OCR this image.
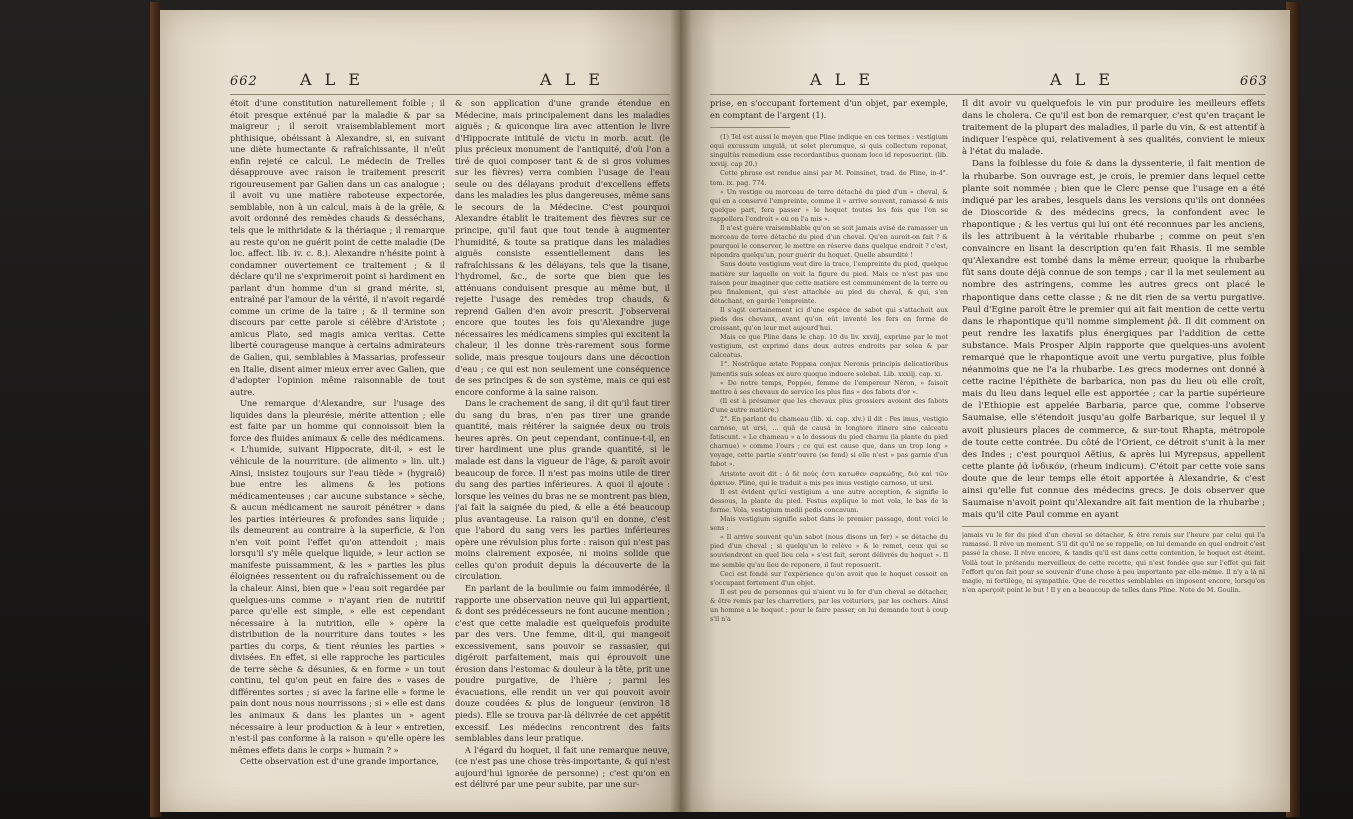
662	A L E	A L E

étoit d'une constitution naturellement foible ; il étoit presque exténué par la maladie & par sa maigreur ; il seroit vraisemblablement mort phthisique, obéissant à Alexandre, si, en suivant une diète humectante & rafraîchissante, il n'eût enfin rejeté ce calcul. Le médecin de Trelles désapprouve avec raison le traitement prescrit rigoureusement par Galien dans un cas analogue ; il avoit vu une matière raboteuse expectorée, semblable, non à un calcul, mais à de la grêle, & avoit ordonné des remèdes chauds & desséchans, tels que le mithridate & la thériaque ; il remarque au reste qu'on ne guérit point de cette maladie (De loc. affect. lib. iv. c. 8.). Alexandre n'hésite point à condamner ouvertement ce traitement ; & il déclare qu'il ne s'exprimeroit point si hardiment en parlant d'un homme d'un si grand mérite, si, entraîné par l'amour de la vérité, il n'avoit regardé comme un crime de la taire ; & il termine son discours par cette parole si célèbre d'Aristote ; amicus Plato, sed magis amica veritas. Cette liberté courageuse manque à certains admirateurs de Galien, qui, semblables à Massarias, professeur en Italie, disent aimer mieux errer avec Galien, que d'adopter l'opinion même raisonnable de tout autre.

Une remarque d'Alexandre, sur l'usage des liquides dans la pleurésie, mérite attention ; elle est faite par un homme qui connoissoit bien la force des fluides animaux & celle des médicamens. « L'humide, suivant Hippocrate, dit-il, » est le véhicule de la nourriture. (de alimento » lin. ult.) Ainsi, insistez toujours sur l'eau tiède » (hygraiô) bue entre les alimens & les potions médicamenteuses ; car aucune substance » sèche, & aucun médicament ne sauroit pénétrer » dans les parties intérieures & profondes sans liquide ; ils demeurent au contraire à la superficie, & l'on n'en voit point l'effet qu'on attendoit ; mais lorsqu'il s'y mêle quelque liquide, » leur action se manifeste puissamment, & les » parties les plus éloignées ressentent ou du rafraîchissement ou de la chaleur. Ainsi, bien que » l'eau soit regardée par quelques-uns comme » n'ayant rien de nutritif parce qu'elle est simple, » elle est cependant nécessaire à la nutrition, elle » opère la distribution de la nourriture dans toutes » les parties du corps, & tient réunies les parties » divisées. En effet, si elle rapproche les particules de terre sèche & désunies, & en forme » un tout continu, tel qu'on peut en faire des » vases de différentes sortes ; si avec la farine elle » forme le pain dont nous nous nourrissons ; si » elle est dans les animaux & dans les plantes un » agent nécessaire à leur production & à leur » entretien, n'est-il pas conforme à la raison » qu'elle opère les mêmes effets dans le corps » humain ? »

Cette observation est d'une grande importance,

& son application d'une grande étendue en Médecine, mais principalement dans les maladies aiguës ; & quiconque lira avec attention le livre d'Hippocrate intitulé de victu in morb. acut. (le plus précieux monument de l'antiquité, d'où l'on a tiré de quoi composer tant & de si gros volumes sur les fièvres) verra combien l'usage de l'eau seule ou des délayans produit d'excellens effets dans les maladies les plus dangereuses, même sans le secours de la Médecine. C'est pourquoi Alexandre établit le traitement des fièvres sur ce principe, qu'il faut que tout tende à augmenter l'humidité, & toute sa pratique dans les maladies aiguës consiste essentiellement dans les rafraîchissans & les délayans, tels que la tisane, l'hydromel, &c., de sorte que bien que les atténuans conduisent presque au même but, il rejette l'usage des remèdes trop chauds, & reprend Galien d'en avoir prescrit. J'observerai encore que toutes les fois qu'Alexandre juge nécessaires les médicamens simples qui excitent la chaleur, il les donne très-rarement sous forme solide, mais presque toujours dans une décoction d'eau ; ce qui est non seulement une conséquence de ses principes & de son système, mais ce qui est encore conforme à la saine raison.

Dans le crachement de sang, il dit qu'il faut tirer du sang du bras, n'en pas tirer une grande quantité, mais réitérer la saignée deux ou trois heures après. On peut cependant, continue-t-il, en tirer hardiment une plus grande quantité, si le malade est dans la vigueur de l'âge, & paroît avoir beaucoup de force. Il n'est pas moins utile de tirer du sang des parties inférieures. A quoi il ajoute : lorsque les veines du bras ne se montrent pas bien, j'ai fait la saignée du pied, & elle a été beaucoup plus avantageuse. La raison qu'il en donne, c'est que l'abord du sang vers les parties inférieures opère une révulsion plus forte : raison qui n'est pas moins clairement exposée, ni moins solide que celles qu'on produit depuis la découverte de la circulation.

En parlant de la boulimie ou faim immodérée, il rapporte une observation neuve qui lui appartient, & dont ses prédécesseurs ne font aucune mention ; c'est que cette maladie est quelquefois produite par des vers. Une femme, dit-il, qui mangeoit excessivement, sans pouvoir se rassasier, qui digéroit parfaitement, mais qui éprouvoit une érosion dans l'estomac & douleur à la tête, prit une poudre purgative, de l'hière ; parmi les évacuations, elle rendit un ver qui pouvoit avoir douze coudées & plus de longueur (environ 18 pieds). Elle se trouva par-là délivrée de cet appétit excessif. Les médecins rencontrent des faits semblables dans leur pratique.

A l'égard du hoquet, il fait une remarque neuve, (ce n'est pas une chose très-importante, & qui n'est aujourd'hui ignorée de personne) ; c'est qu'on en est délivré par une peur subite, par une sur-

A L E	A L E	663

prise, en s'occupant fortement d'un objet, par exemple, en comptant de l'argent (1).

(1) Tel est aussi le moyen que Pline indique en ces termes : vestigium equi excussum ungulâ, ut solet plerumque, si quis collectum reponat, singultûs remedium esse recordantibus quonam loco id reposuerint. (lib. xxviij. cap 20.)

Cette phrase est rendue ainsi par M. Poinsinet, trad. de Pline, in-4°. tom. ix. pag. 774.

« Un vestige ou morceau de terre détaché du pied d'un » cheval, & qui en a conservé l'empreinte, comme il » arrive souvent, ramassé & mis quelque part, fera passer » le hoquet toutes les fois que l'on se rappellera l'endroit » où on l'a mis ».

Il n'est guère vraisemblable qu'on se soit jamais avisé de ramasser un morceau de terre détaché du pied d'un cheval. Qu'en auroit-on fait ? & pourquoi le conserver, le mettre en réserve dans quelque endroit ? c'est, répondra quelqu'un, pour guérir du hoquet. Quelle absurdité !

Sans doute vestigium veut dire la trace, l'empreinte du pied, quelque matière sur laquelle on voit la figure du pied. Mais ce n'est pas une raison pour imaginer que cette matière est communément de la terre ou peu finalement, qui s'est attachée au pied du cheval, & qui, s'en détachant, en garde l'empreinte.

Il s'agit certainement ici d'une espèce de sabot qui s'attachoit aux pieds des chevaux, avant qu'on eût inventé les fers en forme de croissant, qu'on leur met aujourd'hui.

Mais ce que Pline dans le chap. 10 du liv. xxviij, exprime par le mot vestigium, est exprimé dans deux autres endroits par solea & par calceatus.

1°. Nostrâque ætate Poppæa conjux Neronis principis delicatioribus jumentis suis soleas ex auro quoque induere solebat. Lib. xxxiij. cap. xi.

« De notre temps, Poppée, femme de l'empereur Néron, » faisoit mettre à ses chevaux de service les plus fins » des fabots d'or ».

(Il est à présumer que les chevaux plus grossiers avoient des fabots d'une autre matière.)

2°. En parlant du chameau (lib. xi. cap. xlv.) il dit : Pes imus, vestigio carnoso, ut ursi, … quâ de causâ in longiore itinere sine calceatu fatiscunt. « Le chameau » a le dessous du pied charnu (la plante du pied charnue) » comme l'ours ; ce qui est cause que, dans un trop long » voyage, cette partie s'entr'ouvre (se fend) si elle n'est » pas garnie d'un fabot ».

Aristote avoit dit : ὁ δὲ πούς ἐστι κατωθεν σαρκώδης, διὸ καὶ τῶν ἀρκτων. Pline, qui le traduit a mis pes imus vestigio carnoso, ut ursi.

Il est évident qu'ici vestigium a une autre acception, & signifie le dessous, la plante du pied. Festus explique le mot vola, le bas de la forme. Vola, vestigium medii pedis concavum.

Mais vestigium signifie sabot dans le premier passage, dont voici le sens :

« Il arrive souvent qu'un sabot (nous disons un fer) » se détache du pied d'un cheval ; si quelqu'un le relève » & le remet, ceux qui se souviendront en quel lieu cela » s'est fait, seront délivrés du hoquet ». Il me semble qu'au lieu de reponere, il faut reposuerit.

Ceci est fondé sur l'expérience qu'on avoit que le hoquet cessoit en s'occupant fortement d'un objet.

Il est peu de personnes qui n'aient vu le fer d'un cheval se détacher, & être remis par les charretiers, par les voituriers, par les cochers. Ainsi un homme a le hoquet ; pour le faire passer, on lui demande tout à coup s'il n'a

Il dit avoir vu quelquefois le vin pur produire les meilleurs effets dans le cholera. Ce qu'il est bon de remarquer, c'est qu'en traçant le traitement de la plupart des maladies, il parle du vin, & est attentif à indiquer l'espèce qui, relativement à ses qualités, convient le mieux à l'état du malade.

Dans la foiblesse du foie & dans la dyssenterie, il fait mention de la rhubarbe. Son ouvrage est, je crois, le premier dans lequel cette plante soit nommée ; bien que le Clerc pense que l'usage en a été indiqué par les arabes, lesquels dans les versions qu'ils ont données de Dioscoride & des médecins grecs, la confondent avec le rhapontique ; & les vertus qui lui ont été reconnues par les anciens, ils les attribuent à la véritable rhubarbe ; comme on peut s'en convaincre en lisant la description qu'en fait Rhasis. Il me semble qu'Alexandre est tombé dans la même erreur, quoique la rhubarbe fût sans doute déjà connue de son temps ; car il la met seulement au nombre des astringens, comme les autres grecs ont placé le rhapontique dans cette classe ; & ne dit rien de sa vertu purgative. Paul d'Egine paroît être le premier qui ait fait mention de cette vertu dans le rhapontique qu'il nomme simplement ῥᾶ. Il dit comment on peut rendre les laxatifs plus énergiques par l'addition de cette substance. Mais Prosper Alpin rapporte que quelques-uns avoient remarqué que le rhapontique avoit une vertu purgative, plus foible néanmoins que ne l'a la rhubarbe. Les grecs modernes ont donné à cette racine l'épithète de barbarica, non pas du lieu où elle croît, mais du lieu dans lequel elle est apportée ; car la partie supérieure de l'Ethiopie est appelée Barbaria, parce que, comme l'observe Saumaise, elle s'étendoit jusqu'au golfe Barbarique, sur lequel il y avoit plusieurs places de commerce, & sur-tout Rhapta, métropole de toute cette contrée. Du côté de l'Orient, ce détroit s'unit à la mer des Indes ; c'est pourquoi Aëtius, & après lui Myrepsus, appellent cette plante ῥᾶ ἰνδικόν, (rheum indicum). C'étoit par cette voie sans doute que de leur temps elle étoit apportée à Alexandrie, & c'est ainsi qu'elle fut connue des médecins grecs. Je dois observer que Saumaise n'avoit point qu'Alexandre ait fait mention de la rhubarbe ; mais qu'il cite Paul comme en ayant

jamais vu le fer du pied d'un cheval se détacher, & être remis sur l'heure par celui qui l'a ramassé. Il rêve un moment. S'il dit qu'il ne se rappelle, on lui demande en quel endroit c'est passé la chose. Il rêve encore, & tandis qu'il est dans cette contention, le hoquet est éteint. Voilà tout le prétendu merveilleux de cette recette, qui n'est fondée que sur l'effet qui fait l'effort qu'on fait pour se souvenir d'une chose à peu importante par elle-même. Il n'y a là ni magie, ni fortilège, ni sympathie. Que de recettes semblables en imposent encore, lorsqu'on n'en aperçoit point le but ! Il y en a beaucoup de telles dans Pline. Note de M. Goulin.
